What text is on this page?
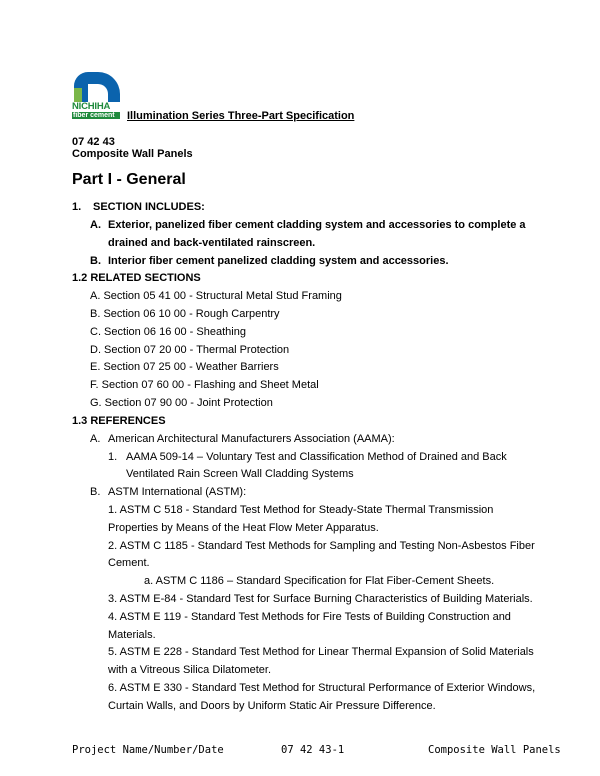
NICHIHA
fiber cement	Illumination Series Three-Part Specification
07 42 43
Composite Wall Panels
Part I - General
1. SECTION INCLUDES:
A. Exterior, panelized fiber cement cladding system and accessories to complete a
drained and back-ventilated rainscreen.
B. Interior fiber cement panelized cladding system and accessories.
1.2 RELATED SECTIONS
A. Section 05 41 00 - Structural Metal Stud Framing
B. Section 06 10 00 - Rough Carpentry
C. Section 06 16 00 - Sheathing
D. Section 07 20 00 - Thermal Protection
E. Section 07 25 00 - Weather Barriers
F. Section 07 60 00 - Flashing and Sheet Metal
G. Section 07 90 00 - Joint Protection
1.3 REFERENCES
A. American Architectural Manufacturers Association (AAMA):
1. AAMA 509-14 – Voluntary Test and Classification Method of Drained and Back
Ventilated Rain Screen Wall Cladding Systems
B. ASTM International (ASTM):
1. ASTM C 518 - Standard Test Method for Steady-State Thermal Transmission
Properties by Means of the Heat Flow Meter Apparatus.
2. ASTM C 1185 - Standard Test Methods for Sampling and Testing Non-Asbestos Fiber
Cement.
a. ASTM C 1186 – Standard Specification for Flat Fiber-Cement Sheets.
3. ASTM E-84 - Standard Test for Surface Burning Characteristics of Building Materials.
4. ASTM E 119 - Standard Test Methods for Fire Tests of Building Construction and
Materials.
5. ASTM E 228 - Standard Test Method for Linear Thermal Expansion of Solid Materials
with a Vitreous Silica Dilatometer.
6. ASTM E 330 - Standard Test Method for Structural Performance of Exterior Windows,
Curtain Walls, and Doors by Uniform Static Air Pressure Difference.
Project Name/Number/Date	07 42 43-1	Composite Wall Panels
